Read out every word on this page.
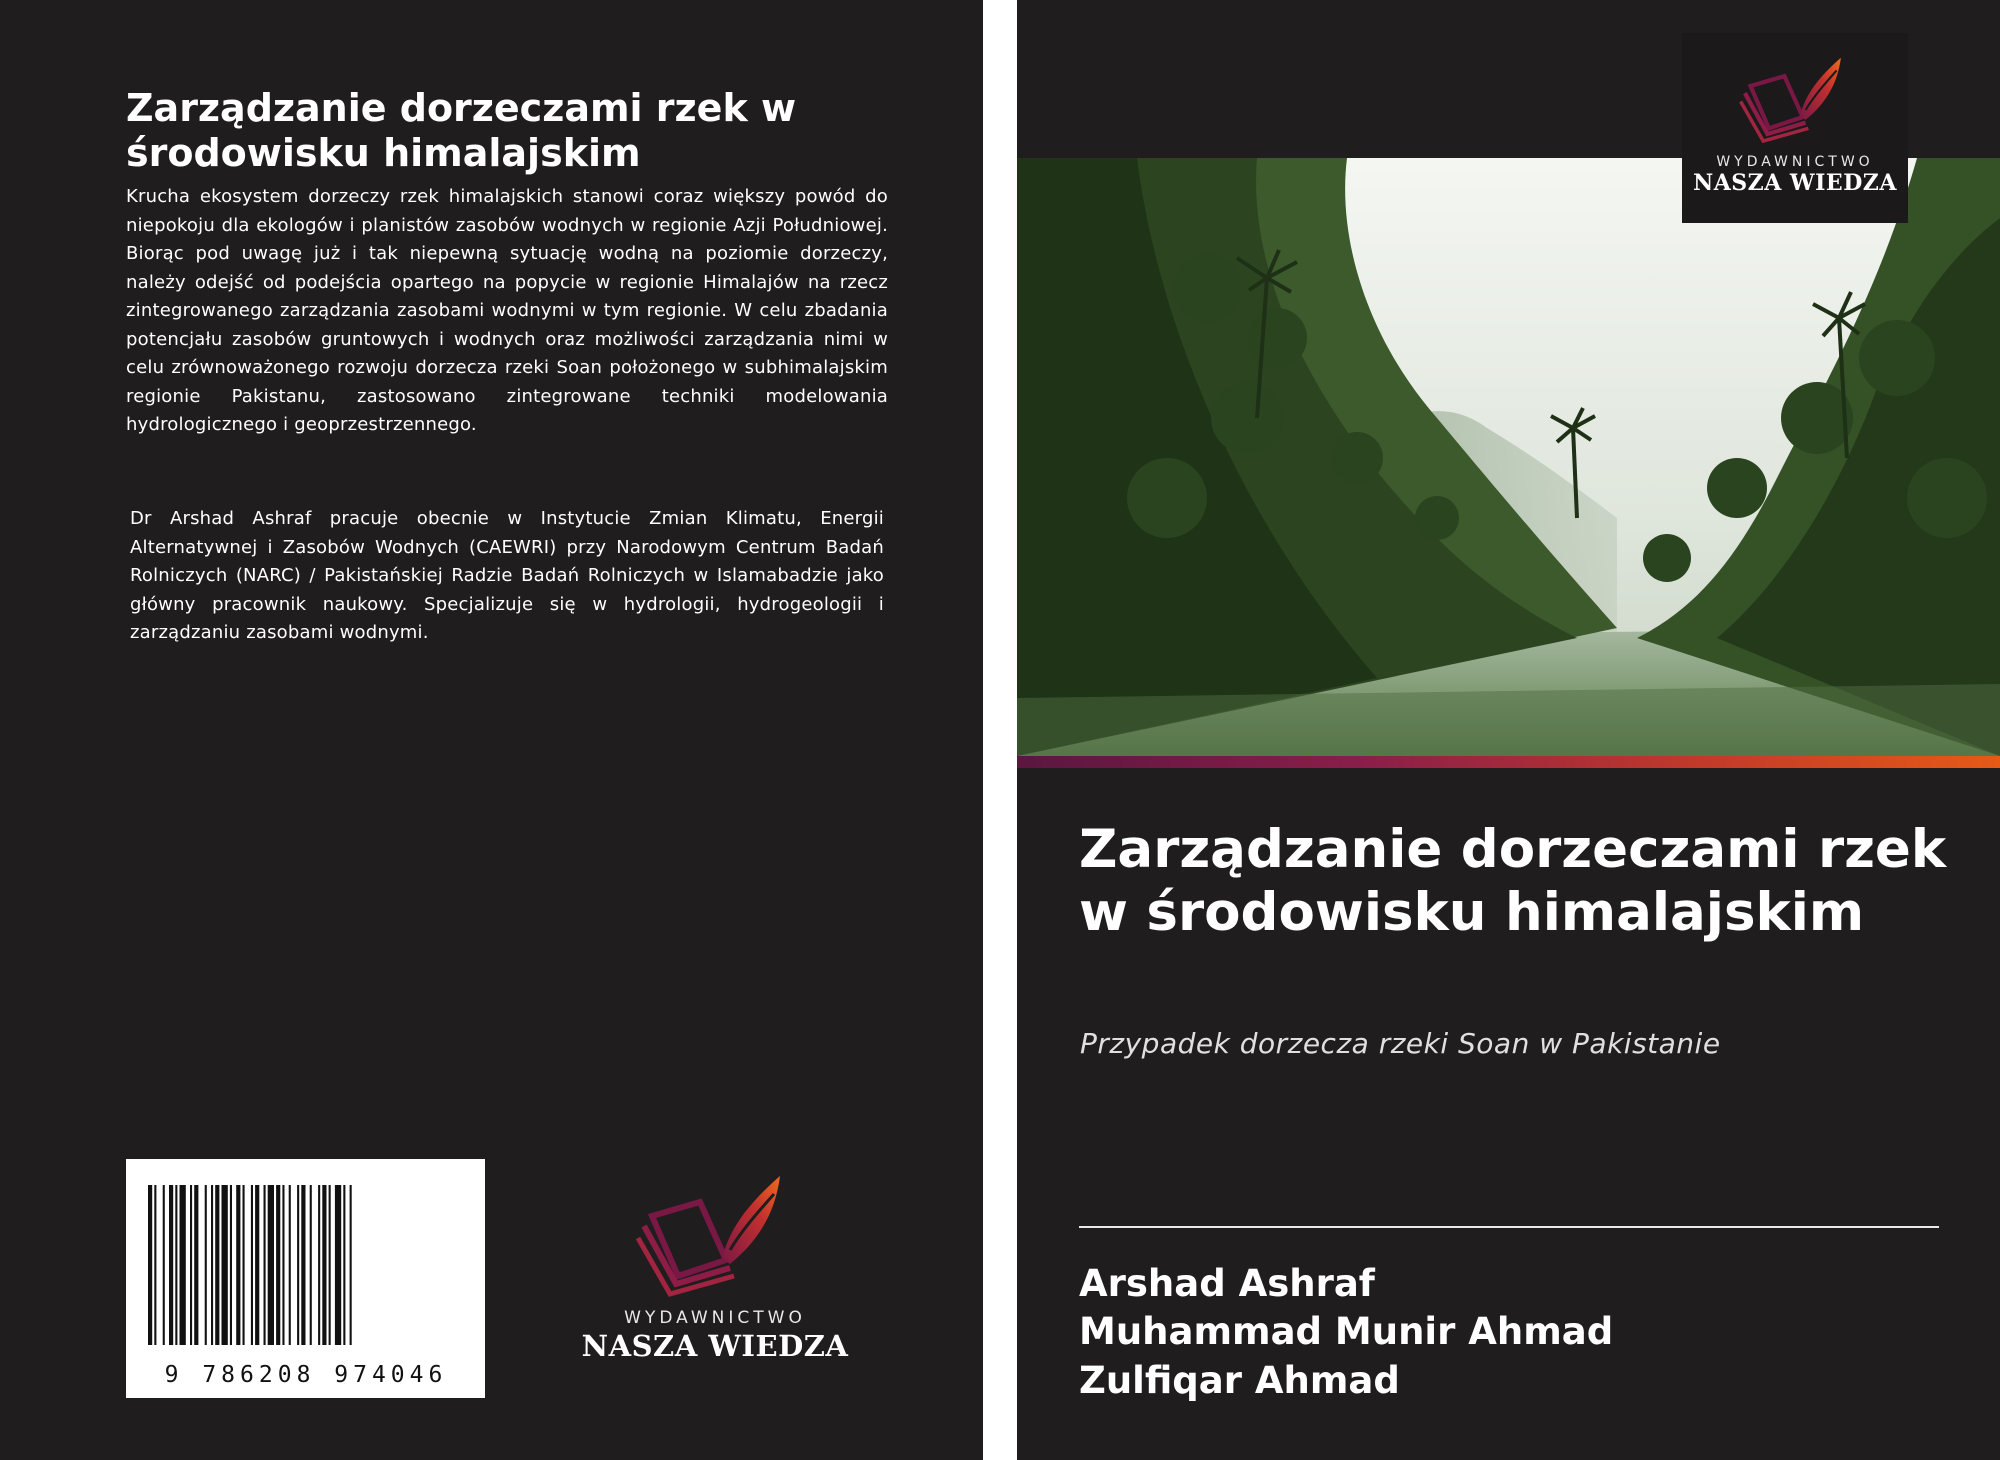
Zarządzanie dorzeczami rzek w środowisku himalajskim
Krucha ekosystem dorzeczy rzek himalajskich stanowi coraz większy powód do niepokoju dla ekologów i planistów zasobów wodnych w regionie Azji Południowej. Biorąc pod uwagę już i tak niepewną sytuację wodną na poziomie dorzeczy, należy odejść od podejścia opartego na popycie w regionie Himalajów na rzecz zintegrowanego zarządzania zasobami wodnymi w tym regionie. W celu zbadania potencjału zasobów gruntowych i wodnych oraz możliwości zarządzania nimi w celu zrównoważonego rozwoju dorzecza rzeki Soan położonego w subhimalajskim regionie Pakistanu, zastosowano zintegrowane techniki modelowania hydrologicznego i geoprzestrzennego.
Dr Arshad Ashraf pracuje obecnie w Instytucie Zmian Klimatu, Energii Alternatywnej i Zasobów Wodnych (CAEWRI) przy Narodowym Centrum Badań Rolniczych (NARC) / Pakistańskiej Radzie Badań Rolniczych w Islamabadzie jako główny pracownik naukowy. Specjalizuje się w hydrologii, hydrogeologii i zarządzaniu zasobami wodnymi.
9 786208 974046
WYDAWNICTWO
NASZA WIEDZA
WYDAWNICTWO
NASZA WIEDZA
Zarządzanie dorzeczami rzek w środowisku himalajskim
Przypadek dorzecza rzeki Soan w Pakistanie
Arshad Ashraf
Muhammad Munir Ahmad
Zulfiqar Ahmad
